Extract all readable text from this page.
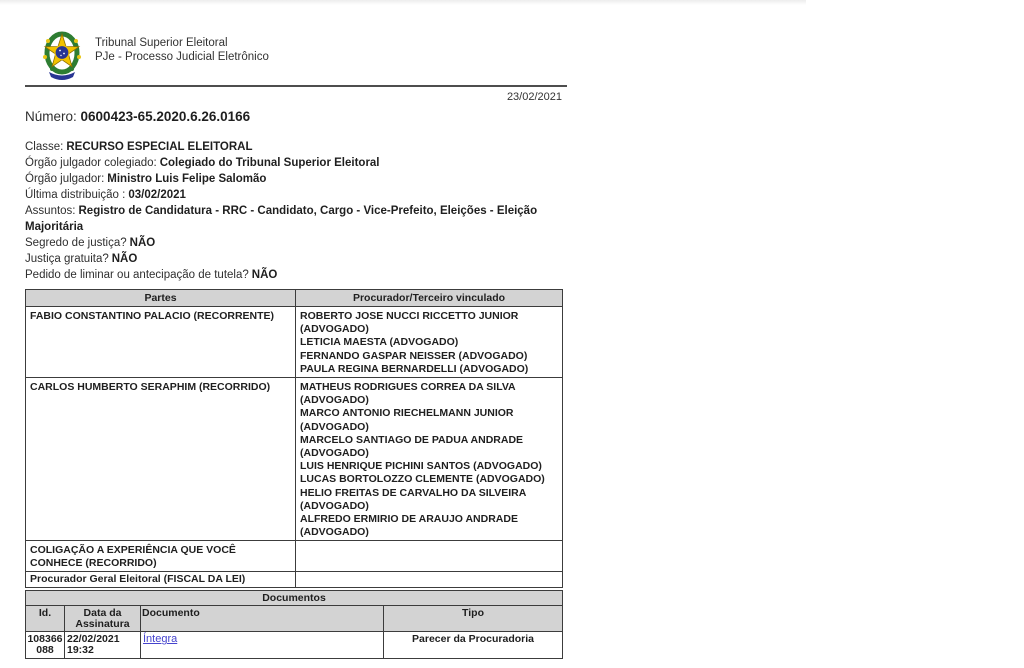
Tribunal Superior Eleitoral
PJe - Processo Judicial Eletrônico
23/02/2021
Número: 0600423-65.2020.6.26.0166
Classe: RECURSO ESPECIAL ELEITORAL
Órgão julgador colegiado: Colegiado do Tribunal Superior Eleitoral
Órgão julgador: Ministro Luis Felipe Salomão
Última distribuição : 03/02/2021
Assuntos: Registro de Candidatura - RRC - Candidato, Cargo - Vice-Prefeito, Eleições - Eleição Majoritária
Segredo de justiça? NÃO
Justiça gratuita? NÃO
Pedido de liminar ou antecipação de tutela? NÃO
Partes	Procurador/Terceiro vinculado
FABIO CONSTANTINO PALACIO (RECORRENTE)	ROBERTO JOSE NUCCI RICCETTO JUNIOR (ADVOGADO)
LETICIA MAESTA (ADVOGADO)
FERNANDO GASPAR NEISSER (ADVOGADO)
PAULA REGINA BERNARDELLI (ADVOGADO)

CARLOS HUMBERTO SERAPHIM (RECORRIDO)	MATHEUS RODRIGUES CORREA DA SILVA (ADVOGADO)
MARCO ANTONIO RIECHELMANN JUNIOR (ADVOGADO)
MARCELO SANTIAGO DE PADUA ANDRADE (ADVOGADO)
LUIS HENRIQUE PICHINI SANTOS (ADVOGADO)
LUCAS BORTOLOZZO CLEMENTE (ADVOGADO)
HELIO FREITAS DE CARVALHO DA SILVEIRA (ADVOGADO)
ALFREDO ERMIRIO DE ARAUJO ANDRADE (ADVOGADO)

COLIGAÇÃO A EXPERIÊNCIA QUE VOCÊ CONHECE (RECORRIDO)	
Procurador Geral Eleitoral (FISCAL DA LEI)	
Documentos			
Id.	Data da Assinatura	Documento	Tipo
108366088	22/02/2021 19:32	Íntegra	Parecer da Procuradoria
